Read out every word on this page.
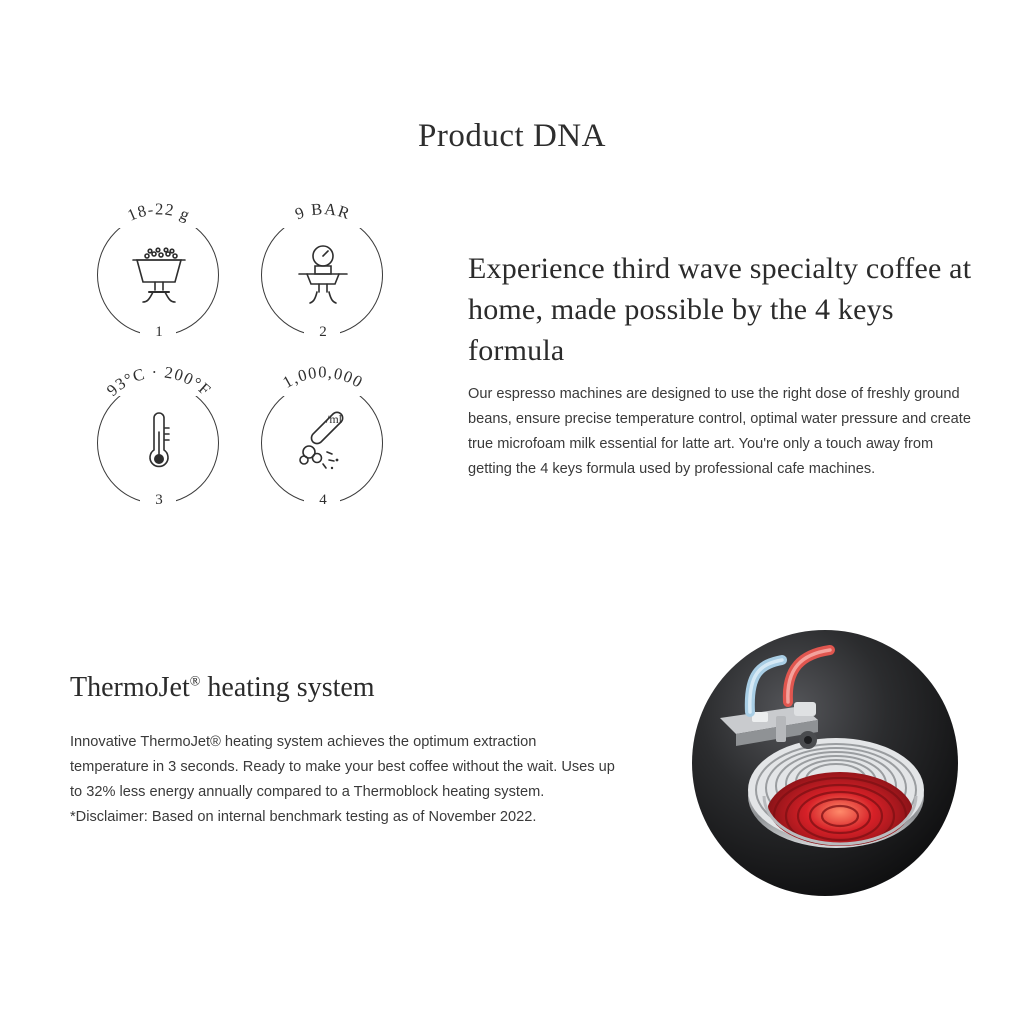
Product DNA
18-22 g
1
9 BAR
2
93°C · 200°F
3
1,000,000
/ml
4
Experience third wave specialty coffee at home, made possible by the 4 keys formula
Our espresso machines are designed to use the right dose of freshly ground beans, ensure precise temperature control, optimal water pressure and create true microfoam milk essential for latte art. You're only a touch away from getting the 4 keys formula used by professional cafe machines.
ThermoJet® heating system
Innovative ThermoJet® heating system achieves the optimum extraction temperature in 3 seconds. Ready to make your best coffee without the wait. Uses up to 32% less energy annually compared to a Thermoblock heating system. *Disclaimer: Based on internal benchmark testing as of November 2022.
